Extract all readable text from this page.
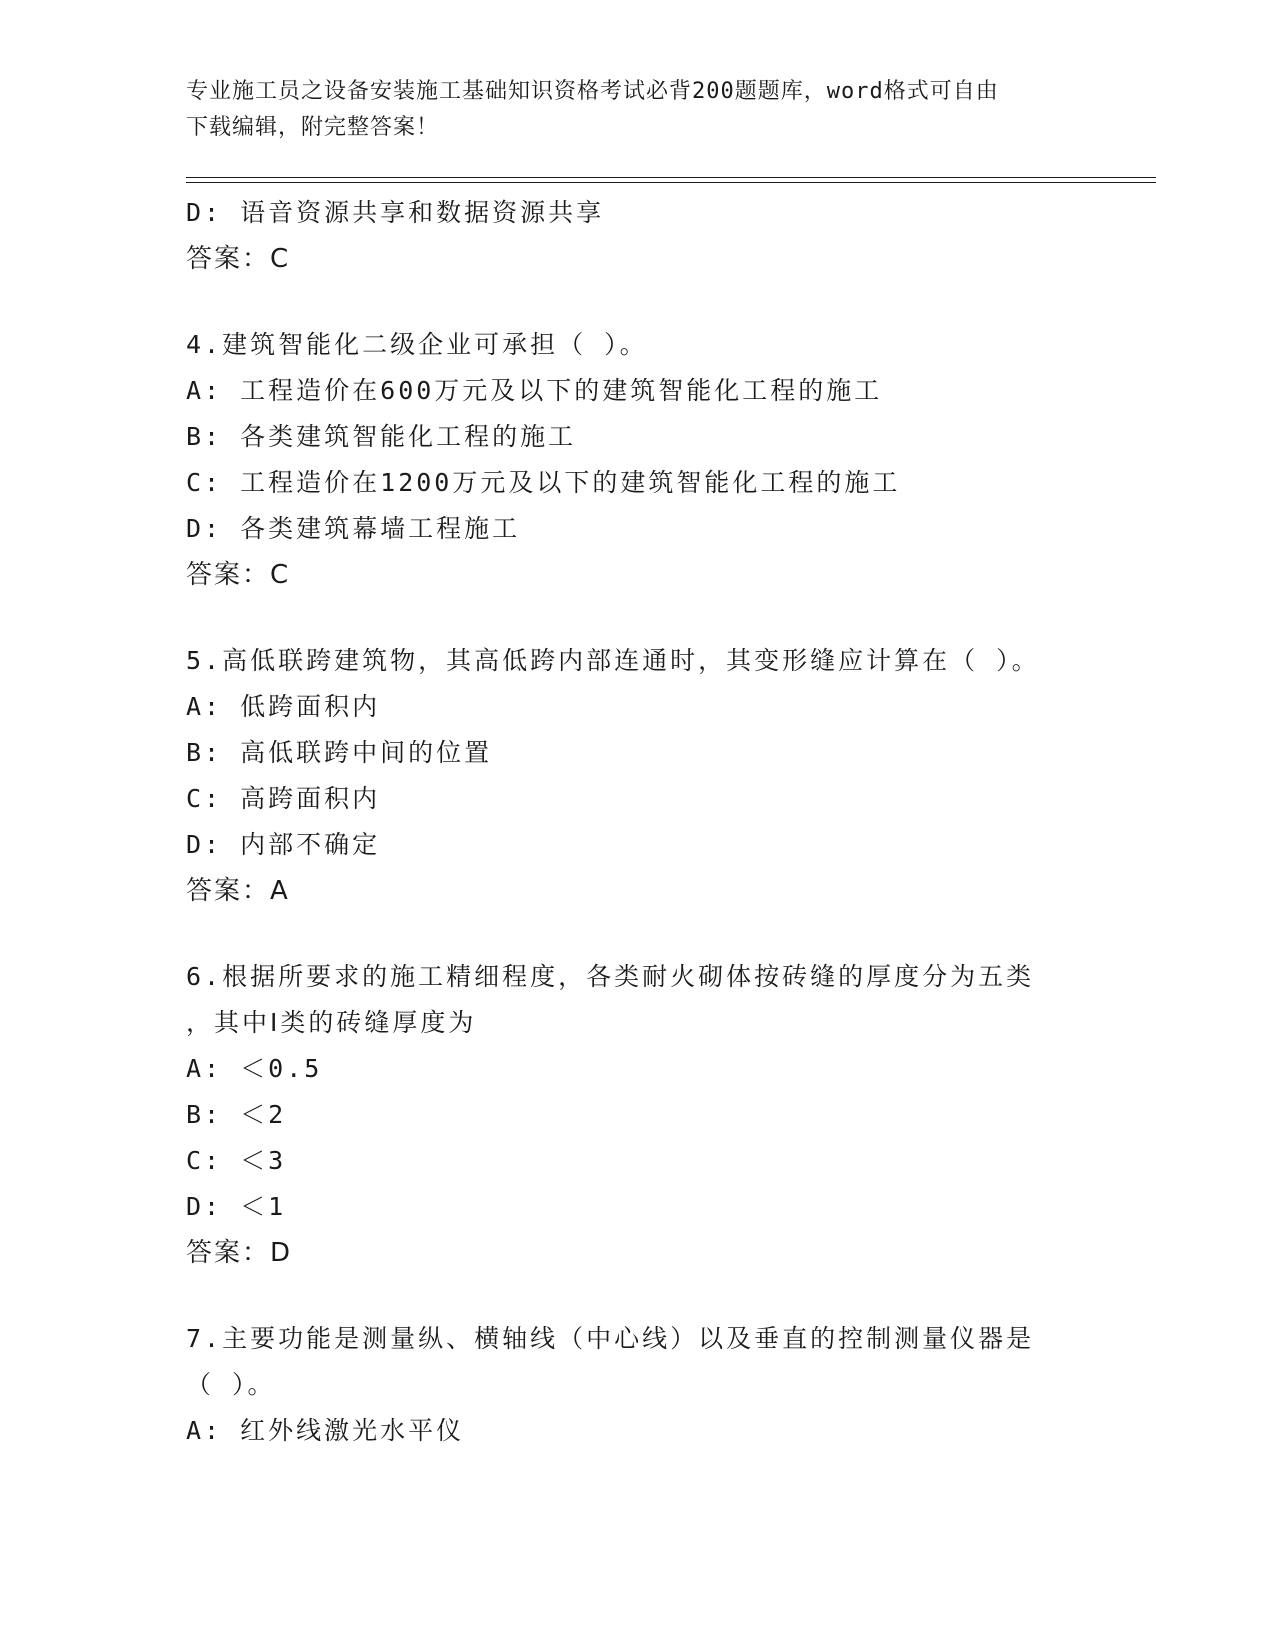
专业施工员之设备安装施工基础知识资格考试必背200题题库，word格式可自由
下载编辑，附完整答案！
D: 语音资源共享和数据资源共享
答案：C
4.建筑智能化二级企业可承担（ ）。
A: 工程造价在600万元及以下的建筑智能化工程的施工
B: 各类建筑智能化工程的施工
C: 工程造价在1200万元及以下的建筑智能化工程的施工
D: 各类建筑幕墙工程施工
答案：C
5.高低联跨建筑物，其高低跨内部连通时，其变形缝应计算在（ ）。
A: 低跨面积内
B: 高低联跨中间的位置
C: 高跨面积内
D: 内部不确定
答案：A
6.根据所要求的施工精细程度，各类耐火砌体按砖缝的厚度分为五类
，其中Ⅰ类的砖缝厚度为
A: ＜0.5
B: ＜2
C: ＜3
D: ＜1
答案：D
7.主要功能是测量纵、横轴线（中心线）以及垂直的控制测量仪器是
（ ）。
A: 红外线激光水平仪
